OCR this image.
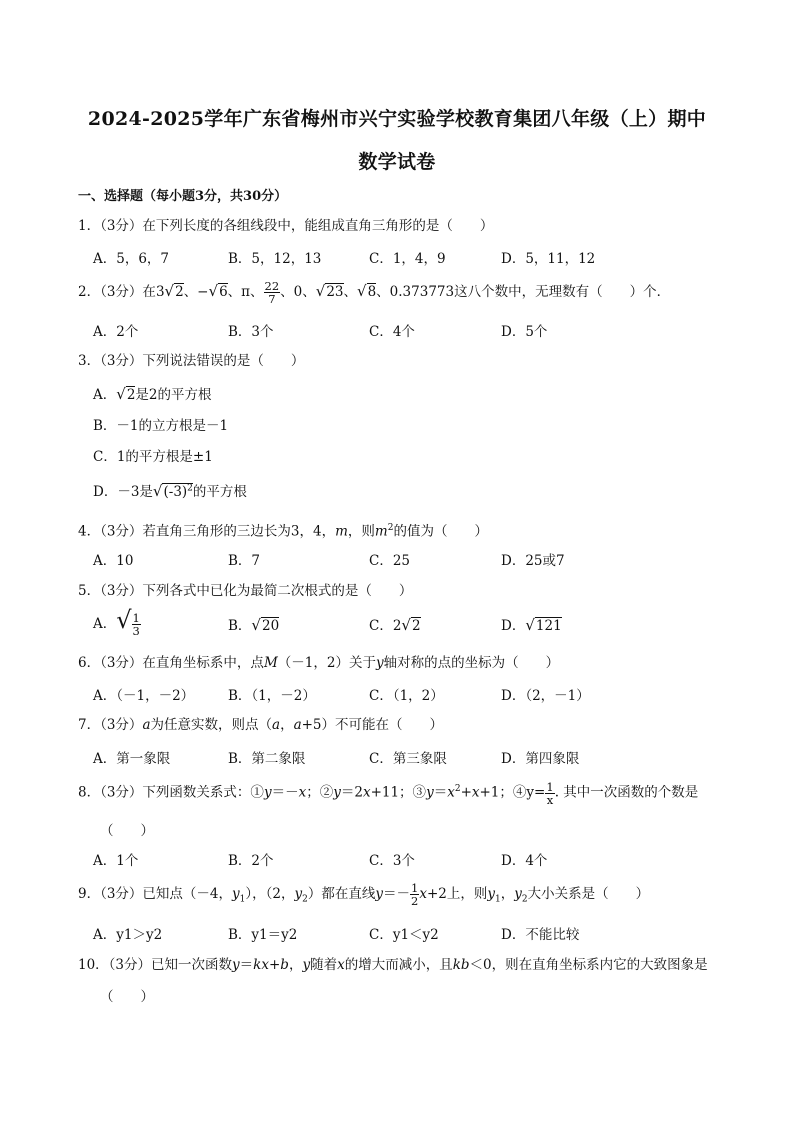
2024-2025学年广东省梅州市兴宁实验学校教育集团八年级（上）期中
数学试卷
一、选择题（每小题3分，共30分）
1．（3分）在下列长度的各组线段中，能组成直角三角形的是（　　）
A．5，6，7	B．5，12，13	C．1，4，9	D．5，11，12
2．（3分）在3√2、−√6、π、 $\frac{22}{7}$ 、0、√23、√8、0.373773这八个数中，无理数有（　　）个．
A．2个	B．3个	C．4个	D．5个
3．（3分）下列说法错误的是（　　）
A．√2是2的平方根
B．－1的立方根是－1
C．1的平方根是±1
D．－3是$√(-3)^2$的平方根
4．（3分）若直角三角形的三边长为3，4，m，则$m^2$的值为（　　）
A．10	B．7	C．25	D．25或7
5．（3分）下列各式中已化为最简二次根式的是（　　）
A．√ $\frac{1}{3}$	B．√20	C．2√2	D．√121
6．（3分）在直角坐标系中，点M（－1，2）关于y轴对称的点的坐标为（　　）
A．（－1，－2）	B．（1，－2）	C．（1，2）	D．（2，－1）
7．（3分）a为任意实数，则点（a，a+5）不可能在（　　）
A．第一象限	B．第二象限	C．第三象限	D．第四象限
8．（3分）下列函数关系式：①y＝－x；②y＝2x+11；$③y=x^2+x+1$；④y= $\frac{1}{x}$ . 其中一次函数的个数是
（　　）
A．1个	B．2个	C．3个	D．4个
9．（3分）已知点（－4，$y_1$），（2，$y_2$）都在直线$y=- \frac{1}{2} x+2$上，则$y_1$，$y_2$大小关系是（　　）
A．y1＞y2	B．y1＝y2	C．y1＜y2	D．不能比较
10．（3分）已知一次函数y＝kx+b，y随着x的增大而减小，且kb＜0，则在直角坐标系内它的大致图象是
（　　）
